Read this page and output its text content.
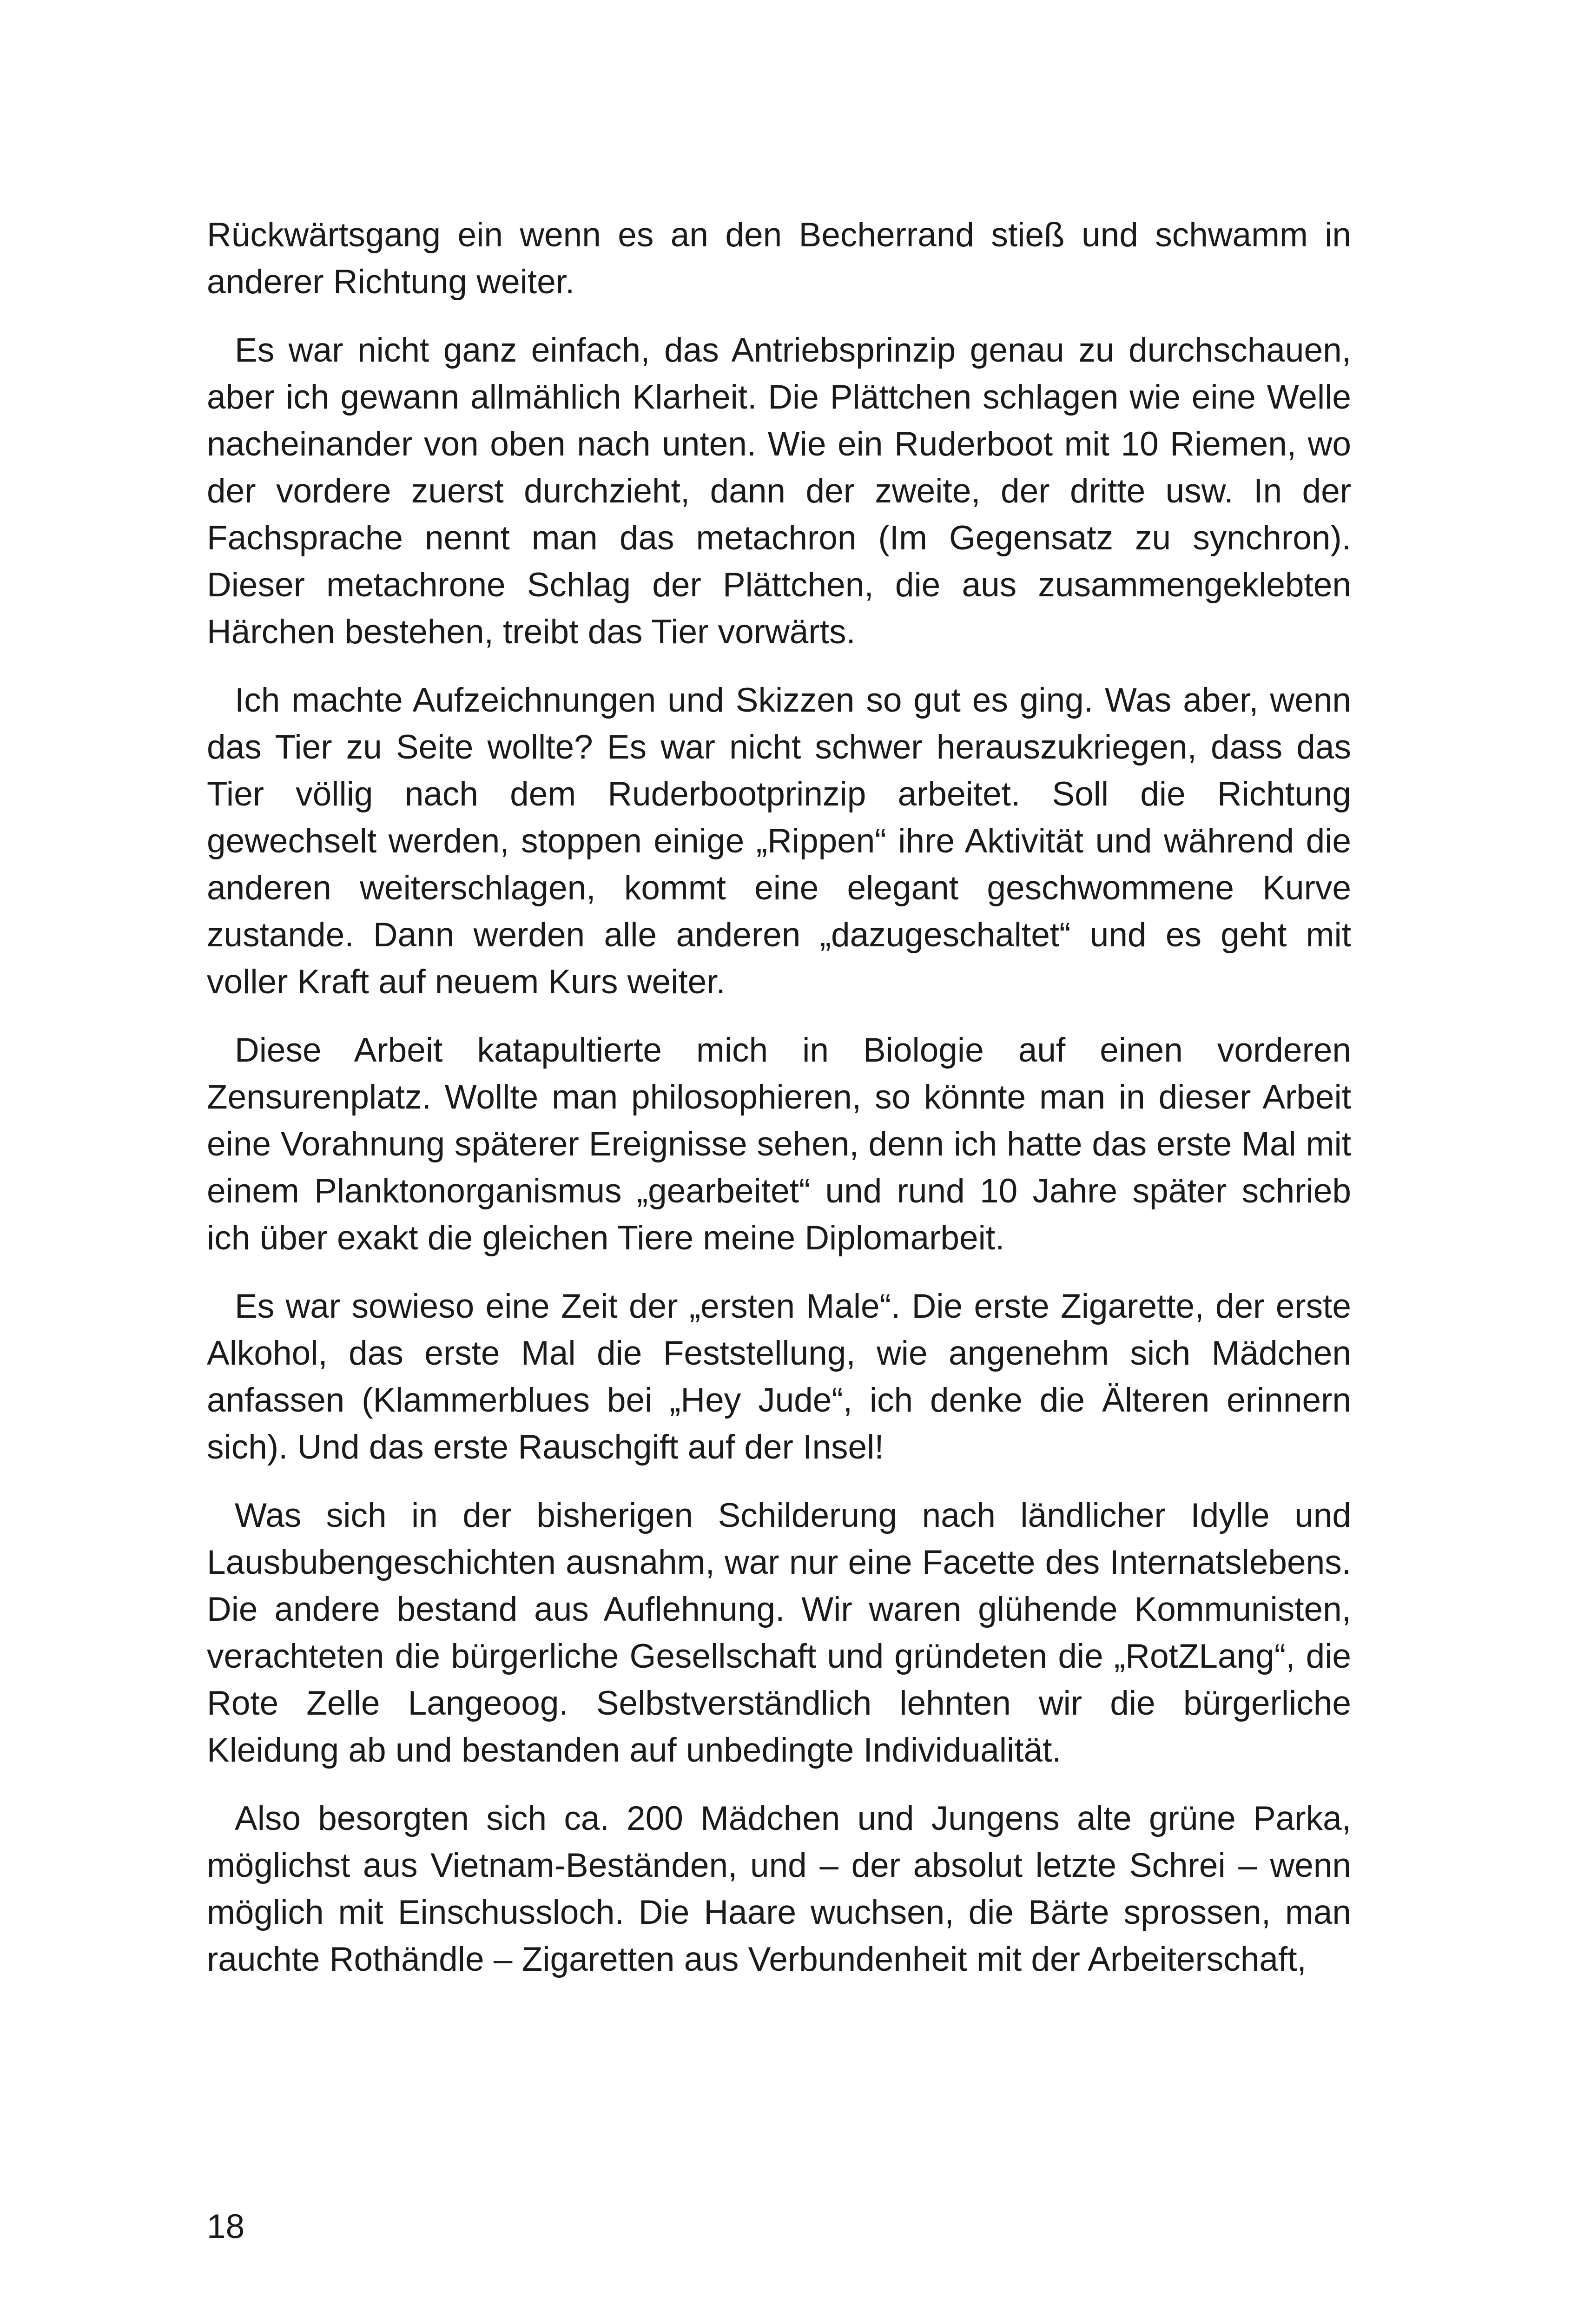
Rückwärtsgang ein wenn es an den Becherrand stieß und schwamm in anderer Richtung weiter.

Es war nicht ganz einfach, das Antriebsprinzip genau zu durchschauen, aber ich gewann allmählich Klarheit. Die Plättchen schlagen wie eine Welle nacheinander von oben nach unten. Wie ein Ruderboot mit 10 Riemen, wo der vordere zuerst durchzieht, dann der zweite, der dritte usw. In der Fachsprache nennt man das metachron (Im Gegensatz zu synchron). Dieser metachrone Schlag der Plättchen, die aus zusammengeklebten Härchen bestehen, treibt das Tier vorwärts.

Ich machte Aufzeichnungen und Skizzen so gut es ging. Was aber, wenn das Tier zu Seite wollte? Es war nicht schwer herauszukriegen, dass das Tier völlig nach dem Ruderbootprinzip arbeitet. Soll die Richtung gewechselt werden, stoppen einige „Rippen“ ihre Aktivität und während die anderen weiterschlagen, kommt eine elegant geschwommene Kurve zustande. Dann werden alle anderen „dazugeschaltet“ und es geht mit voller Kraft auf neuem Kurs weiter.

Diese Arbeit katapultierte mich in Biologie auf einen vorderen Zensurenplatz. Wollte man philosophieren, so könnte man in dieser Arbeit eine Vorahnung späterer Ereignisse sehen, denn ich hatte das erste Mal mit einem Planktonorganismus „gearbeitet“ und rund 10 Jahre später schrieb ich über exakt die gleichen Tiere meine Diplomarbeit.

Es war sowieso eine Zeit der „ersten Male“. Die erste Zigarette, der erste Alkohol, das erste Mal die Feststellung, wie angenehm sich Mädchen anfassen (Klammerblues bei „Hey Jude“, ich denke die Älteren erinnern sich). Und das erste Rauschgift auf der Insel!

Was sich in der bisherigen Schilderung nach ländlicher Idylle und Lausbubengeschichten ausnahm, war nur eine Facette des Internatslebens. Die andere bestand aus Auflehnung. Wir waren glühende Kommunisten, verachteten die bürgerliche Gesellschaft und gründeten die „RotZLang“, die Rote Zelle Langeoog. Selbstverständlich lehnten wir die bürgerliche Kleidung ab und bestanden auf unbedingte Individualität.

Also besorgten sich ca. 200 Mädchen und Jungens alte grüne Parka, möglichst aus Vietnam-Beständen, und – der absolut letzte Schrei – wenn möglich mit Einschussloch. Die Haare wuchsen, die Bärte sprossen, man rauchte Rothändle – Zigaretten aus Verbundenheit mit der Arbeiterschaft,

18
